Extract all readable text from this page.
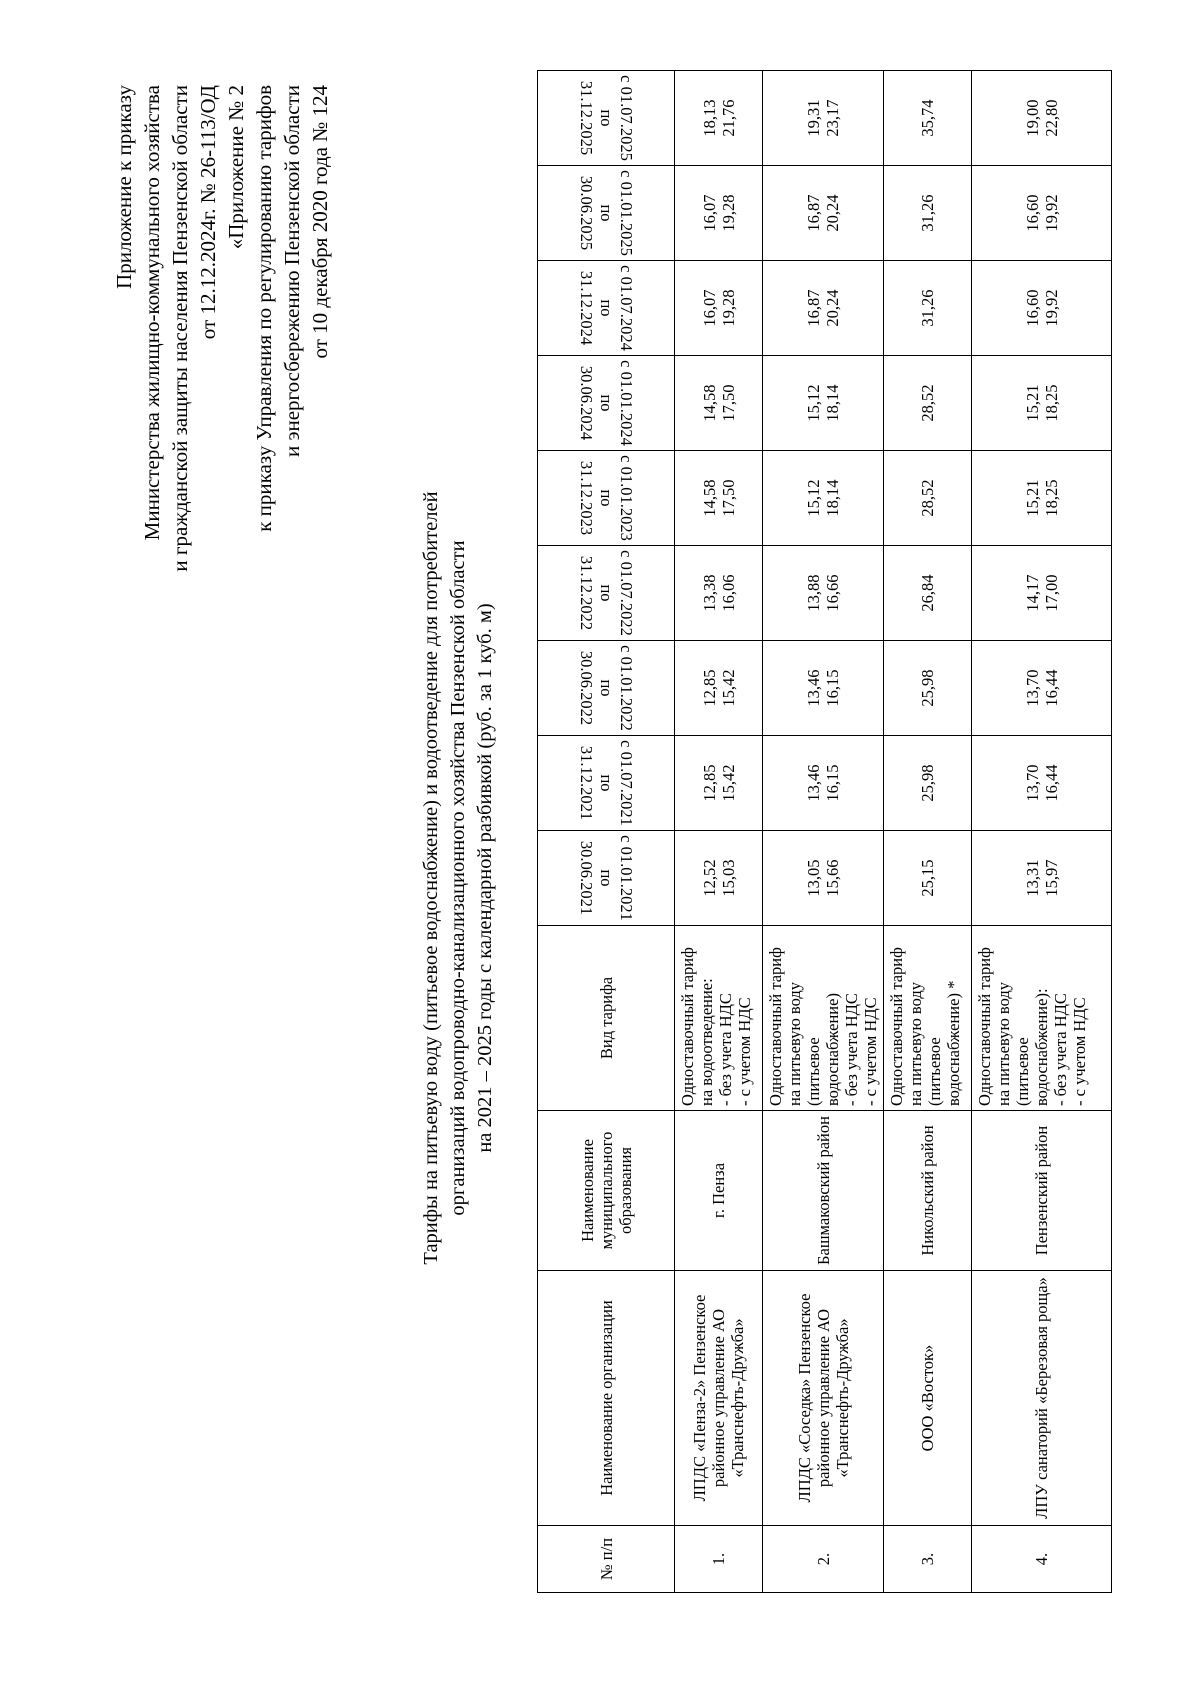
Приложение к приказу Министерства жилищно-коммунального хозяйства и гражданской защиты населения Пензенской области от 12.12.2024г. № 26-113/ОД «Приложение № 2 к приказу Управления по регулированию тарифов и энергосбережению Пензенской области от 10 декабря 2020 года № 124
Тарифы на питьевую воду (питьевое водоснабжение) и водоотведение для потребителей организаций водопроводно-канализационного хозяйства Пензенской области на 2021 – 2025 годы с календарной разбивкой (руб. за 1 куб. м)
№ п/п	Наименование организации	Наименование муниципального образования	Вид тарифа	с 01.01.2021 по 30.06.2021	с 01.07.2021 по 31.12.2021	с 01.01.2022 по 30.06.2022	с 01.07.2022 по 31.12.2022	с 01.01.2023 по 31.12.2023	с 01.01.2024 по 30.06.2024	с 01.07.2024 по 31.12.2024	с 01.01.2025 по 30.06.2025	с 01.07.2025 по 31.12.2025
1.	ЛПДС «Пенза-2» Пензенское районное управление АО «Транснефть-Дружба»	г. Пенза	Одноставочный тариф на водоотведение: - без учета НДС - с учетом НДС	12,52 15,03	12,85 15,42	12,85 15,42	13,38 16,06	14,58 17,50	14,58 17,50	16,07 19,28	16,07 19,28	18,13 21,76

2.	ЛПДС «Соседка» Пензенское районное управление АО «Транснефть-Дружба»	Башмаковский район	Одноставочный тариф на питьевую воду (питьевое водоснабжение) - без учета НДС - с учетом НДС	13,05 15,66	13,46 16,15	13,46 16,15	13,88 16,66	15,12 18,14	15,12 18,14	16,87 20,24	16,87 20,24	19,31 23,17

3.	ООО «Восток»	Никольский район	Одноставочный тариф на питьевую воду (питьевое водоснабжение) *	25,15	25,98	25,98	26,84	28,52	28,52	31,26	31,26	35,74

4.	ЛПУ санаторий «Березовая роща»	Пензенский район	Одноставочный тариф на питьевую воду (питьевое водоснабжение): - без учета НДС - с учетом НДС	13,31 15,97	13,70 16,44	13,70 16,44	14,17 17,00	15,21 18,25	15,21 18,25	16,60 19,92	16,60 19,92	19,00 22,80
